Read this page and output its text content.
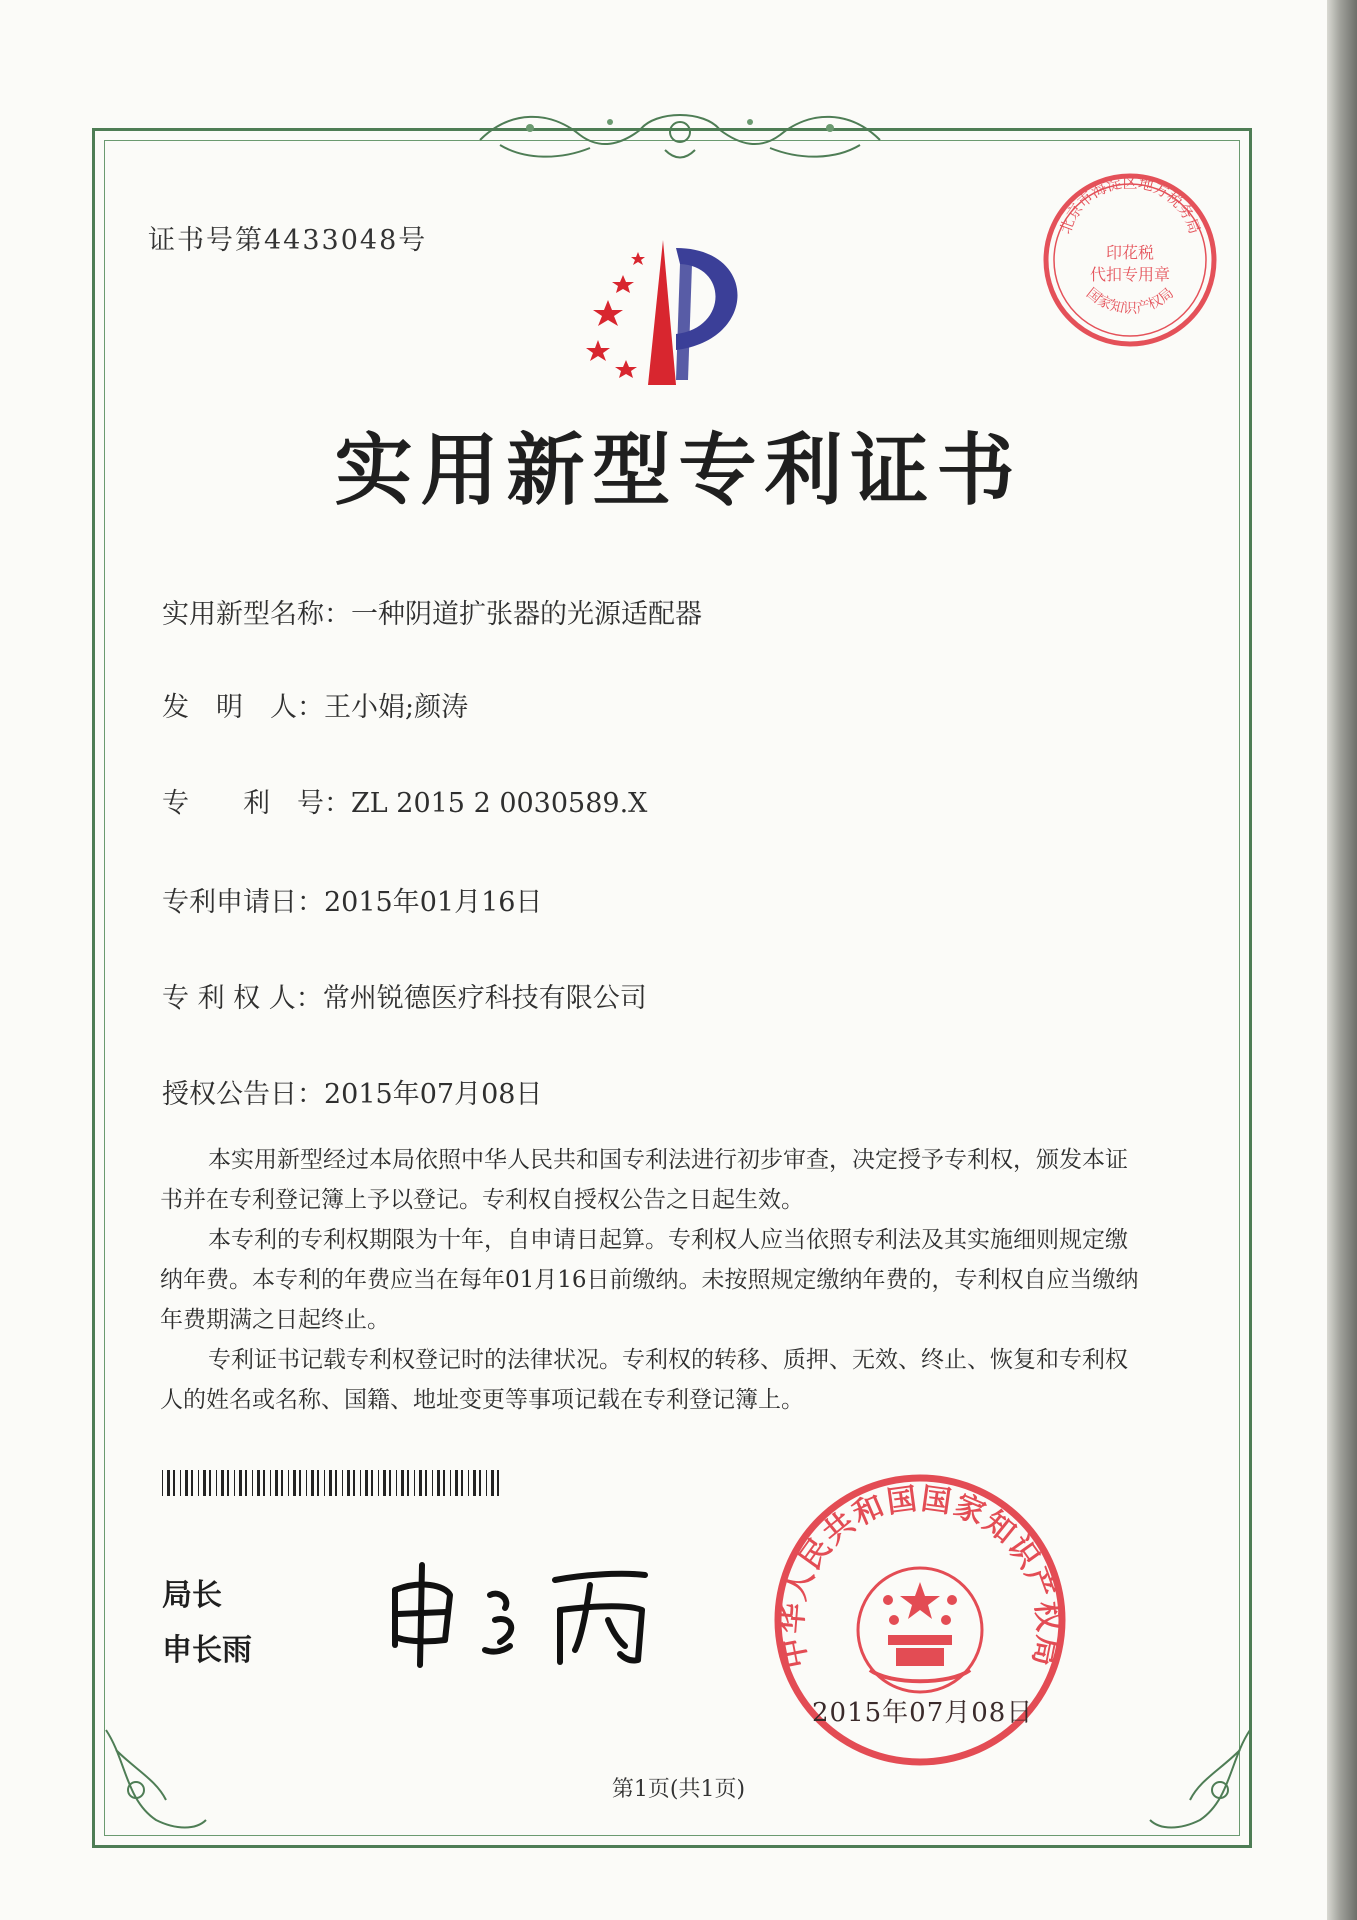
证书号第4433048号
实用新型专利证书
实用新型名称：一种阴道扩张器的光源适配器
发　明　人：王小娟;颜涛
专　　利　号：ZL 2015 2 0030589.X
专利申请日：2015年01月16日
专 利 权 人：常州锐德医疗科技有限公司
授权公告日：2015年07月08日

本实用新型经过本局依照中华人民共和国专利法进行初步审查，决定授予专利权，颁发本证书并在专利登记簿上予以登记。专利权自授权公告之日起生效。

本专利的专利权期限为十年，自申请日起算。专利权人应当依照专利法及其实施细则规定缴纳年费。本专利的年费应当在每年01月16日前缴纳。未按照规定缴纳年费的，专利权自应当缴纳年费期满之日起终止。

专利证书记载专利权登记时的法律状况。专利权的转移、质押、无效、终止、恢复和专利权人的姓名或名称、国籍、地址变更等事项记载在专利登记簿上。

局长
申长雨
北京市海淀区地方税务局
印花税
代扣专用章
国家知识产权局
中华人民共和国国家知识产权局
2015年07月08日
第1页(共1页)
